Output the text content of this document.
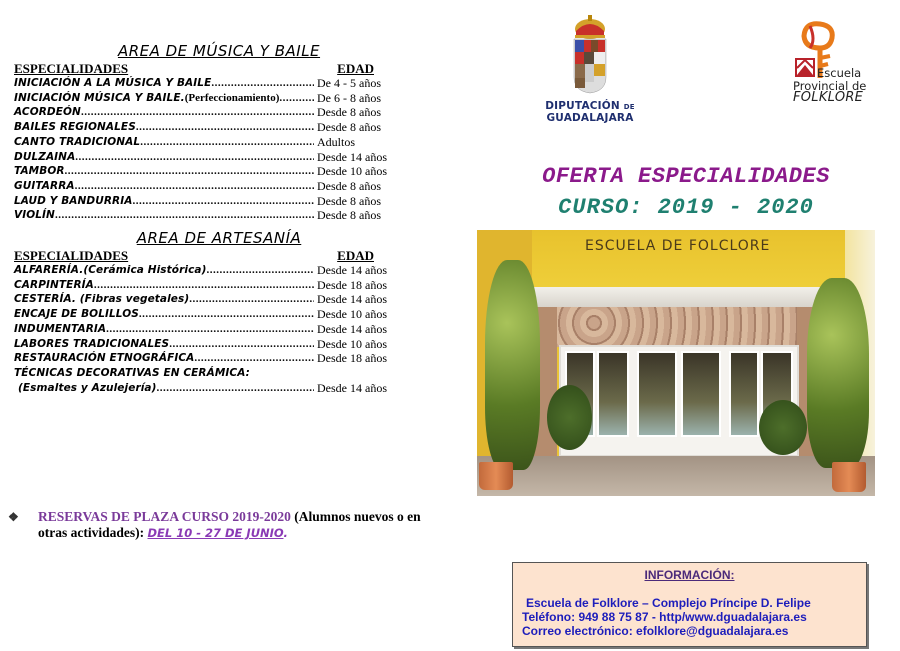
AREA DE MÚSICA Y BAILE
ESPECIALIDADES	EDAD
INICIACIÓN A LA MÚSICA Y BAILE .....	De 4 - 5 años
INICIACIÓN MÚSICA Y BAILE. (Perfeccionamiento) .....	De 6 - 8 años
ACORDEÓN .....	Desde 8 años
BAILES REGIONALES .....	Desde 8 años
CANTO TRADICIONAL .....	Adultos
DULZAINA .....	Desde 14 años
TAMBOR .....	Desde 10 años
GUITARRA .....	Desde 8 años
LAUD Y BANDURRIA .....	Desde 8 años
VIOLÍN .....	Desde 8 años
AREA DE ARTESANÍA
ESPECIALIDADES	EDAD
ALFARERÍA.(Cerámica Histórica) .....	Desde 14 años
CARPINTERÍA .....	Desde 18 años
CESTERÍA. (Fibras vegetales) .....	Desde 14 años
ENCAJE DE BOLILLOS .....	Desde 10 años
INDUMENTARIA .....	Desde 14 años
LABORES TRADICIONALES .....	Desde 10 años
RESTAURACIÓN ETNOGRÁFICA .....	Desde 18 años
TÉCNICAS DECORATIVAS EN CERÁMICA:
(Esmaltes y Azulejería) .....	Desde 14 años
❖ RESERVAS DE PLAZA CURSO 2019-2020 (Alumnos nuevos o en otras actividades): DEL 10 - 27 DE JUNIO.
DIPUTACIÓN DE GUADALAJARA
Escuela
Provincial de
FOLKLORE
OFERTA ESPECIALIDADES
CURSO: 2019 - 2020
ESCUELA DE FOLCLORE
INFORMACIÓN:
Escuela de Folklore – Complejo Príncipe D. Felipe
Teléfono: 949 88 75 87 - http/www.dguadalajara.es
Correo electrónico: efolklore@dguadalajara.es
